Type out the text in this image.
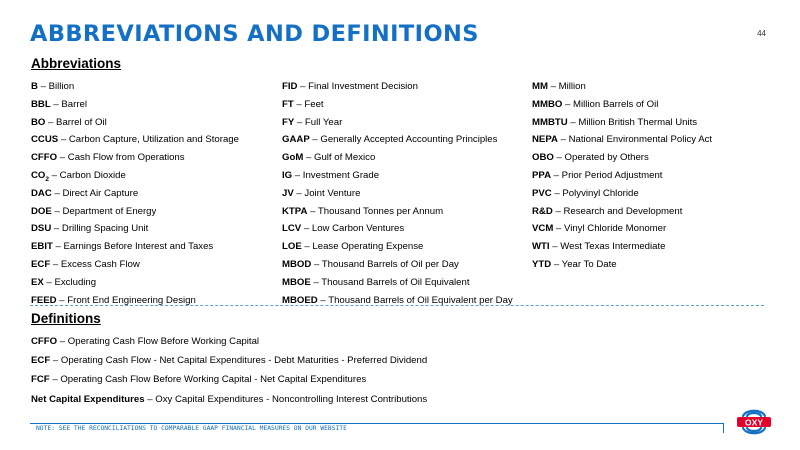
ABBREVIATIONS AND DEFINITIONS	44
Abbreviations
B – Billion
BBL – Barrel
BO – Barrel of Oil
CCUS – Carbon Capture, Utilization and Storage
CFFO – Cash Flow from Operations
$CO_2$ – Carbon Dioxide
DAC – Direct Air Capture
DOE – Department of Energy
DSU – Drilling Spacing Unit
EBIT – Earnings Before Interest and Taxes
ECF – Excess Cash Flow
EX – Excluding
FEED – Front End Engineering Design
FID – Final Investment Decision
FT – Feet
FY – Full Year
GAAP – Generally Accepted Accounting Principles
GoM – Gulf of Mexico
IG – Investment Grade
JV – Joint Venture
KTPA – Thousand Tonnes per Annum
LCV – Low Carbon Ventures
LOE – Lease Operating Expense
MBOD – Thousand Barrels of Oil per Day
MBOE – Thousand Barrels of Oil Equivalent
MBOED – Thousand Barrels of Oil Equivalent per Day
MM – Million
MMBO – Million Barrels of Oil
MMBTU – Million British Thermal Units
NEPA – National Environmental Policy Act
OBO – Operated by Others
PPA – Prior Period Adjustment
PVC – Polyvinyl Chloride
R&D – Research and Development
VCM – Vinyl Chloride Monomer
WTI – West Texas Intermediate
YTD – Year To Date
Definitions
CFFO – Operating Cash Flow Before Working Capital
ECF – Operating Cash Flow - Net Capital Expenditures - Debt Maturities - Preferred Dividend
FCF – Operating Cash Flow Before Working Capital - Net Capital Expenditures
Net Capital Expenditures – Oxy Capital Expenditures - Noncontrolling Interest Contributions
NOTE: SEE THE RECONCILIATIONS TO COMPARABLE GAAP FINANCIAL MEASURES ON OUR WEBSITE
OXY
